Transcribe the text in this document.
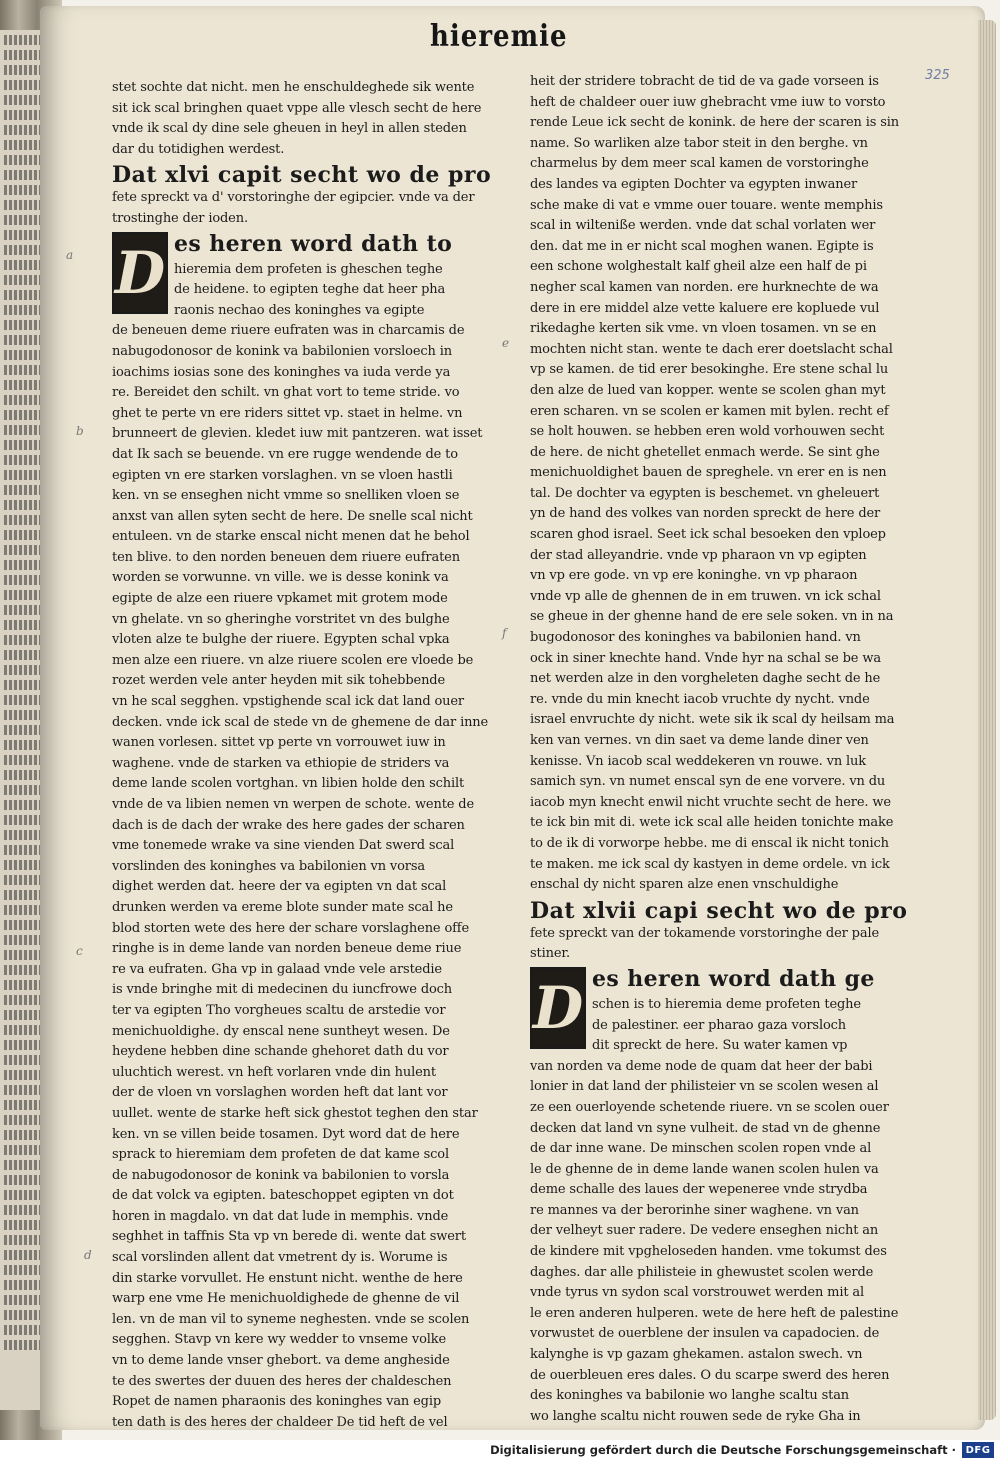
hieremie
325
stet sochte dat nicht. men he enschuldeghede sik wente
sit ick scal bringhen quaet vppe alle vlesch secht de here
vnde ik scal dy dine sele gheuen in heyl in allen steden
dar du totidighen werdest.
Dat xlvi capit secht wo de pro
fete spreckt va d' vorstoringhe der egipcier. vnde va der
trostinghe der ioden.
D es heren word dath to
hieremia dem profeten is gheschen teghe
de heidene. to egipten teghe dat heer pha
raonis nechao des koninghes va egipte
de beneuen deme riuere eufraten was in charcamis de
nabugodonosor de konink va babilonien vorsloech in
ioachims iosias sone des koninghes va iuda verde ya
re. Bereidet den schilt. vn ghat vort to teme stride. vo
ghet te perte vn ere riders sittet vp. staet in helme. vn
brunneert de glevien. kledet iuw mit pantzeren. wat isset
dat Ik sach se beuende. vn ere rugge wendende de to
egipten vn ere starken vorslaghen. vn se vloen hastli
ken. vn se enseghen nicht vmme so snelliken vloen se
anxst van allen syten secht de here. De snelle scal nicht
entuleen. vn de starke enscal nicht menen dat he behol
ten blive. to den norden beneuen dem riuere eufraten
worden se vorwunne. vn ville. we is desse konink va
egipte de alze een riuere vpkamet mit grotem mode
vn ghelate. vn so gheringhe vorstritet vn des bulghe
vloten alze te bulghe der riuere. Egypten schal vpka
men alze een riuere. vn alze riuere scolen ere vloede be
rozet werden vele anter heyden mit sik tohebbende
vn he scal segghen. vpstighende scal ick dat land ouer
decken. vnde ick scal de stede vn de ghemene de dar inne
wanen vorlesen. sittet vp perte vn vorrouwet iuw in
waghene. vnde de starken va ethiopie de striders va
deme lande scolen vortghan. vn libien holde den schilt
vnde de va libien nemen vn werpen de schote. wente de
dach is de dach der wrake des here gades der scharen
vme tonemede wrake va sine vienden Dat swerd scal
vorslinden des koninghes va babilonien vn vorsa
dighet werden dat. heere der va egipten vn dat scal
drunken werden va ereme blote sunder mate scal he
blod storten wete des here der schare vorslaghene offe
ringhe is in deme lande van norden beneue deme riue
re va eufraten. Gha vp in galaad vnde vele arstedie
is vnde bringhe mit di medecinen du iuncfrowe doch
ter va egipten Tho vorgheues scaltu de arstedie vor
menichuoldighe. dy enscal nene suntheyt wesen. De
heydene hebben dine schande ghehoret dath du vor
uluchtich werest. vn heft vorlaren vnde din hulent
der de vloen vn vorslaghen worden heft dat lant vor
uullet. wente de starke heft sick ghestot teghen den star
ken. vn se villen beide tosamen. Dyt word dat de here
sprack to hieremiam dem profeten de dat kame scol
de nabugodonosor de konink va babilonien to vorsla
de dat volck va egipten. bateschoppet egipten vn dot
horen in magdalo. vn dat dat lude in memphis. vnde
seghhet in taffnis Sta vp vn berede di. wente dat swert
scal vorslinden allent dat vmetrent dy is. Worume is
din starke vorvullet. He enstunt nicht. wenthe de here
warp ene vme He menichuoldighede de ghenne de vil
len. vn de man vil to syneme neghesten. vnde se scolen
segghen. Stavp vn kere wy wedder to vnseme volke
vn to deme lande vnser ghebort. va deme angheside
te des swertes der duuen des heres der chaldeschen
Ropet de namen pharaonis des koninghes van egip
ten dath is des heres der chaldeer De tid heft de vel
heit der stridere tobracht de tid de va gade vorseen is
heft de chaldeer ouer iuw ghebracht vme iuw to vorsto
rende Leue ick secht de konink. de here der scaren is sin
name. So warliken alze tabor steit in den berghe. vn
charmelus by dem meer scal kamen de vorstoringhe
des landes va egipten Dochter va egypten inwaner
sche make di vat e vmme ouer touare. wente memphis
scal in wilteniße werden. vnde dat schal vorlaten wer
den. dat me in er nicht scal moghen wanen. Egipte is
een schone wolghestalt kalf gheil alze een half de pi
negher scal kamen van norden. ere hurknechte de wa
dere in ere middel alze vette kaluere ere kopluede vul
rikedaghe kerten sik vme. vn vloen tosamen. vn se en
mochten nicht stan. wente te dach erer doetslacht schal
vp se kamen. de tid erer besokinghe. Ere stene schal lu
den alze de lued van kopper. wente se scolen ghan myt
eren scharen. vn se scolen er kamen mit bylen. recht ef
se holt houwen. se hebben eren wold vorhouwen secht
de here. de nicht ghetellet enmach werde. Se sint ghe
menichuoldighet bauen de spreghele. vn erer en is nen
tal. De dochter va egypten is beschemet. vn gheleuert
yn de hand des volkes van norden spreckt de here der
scaren ghod israel. Seet ick schal besoeken den vploep
der stad alleyandrie. vnde vp pharaon vn vp egipten
vn vp ere gode. vn vp ere koninghe. vn vp pharaon
vnde vp alle de ghennen de in em truwen. vn ick schal
se gheue in der ghenne hand de ere sele soken. vn in na
bugodonosor des koninghes va babilonien hand. vn
ock in siner knechte hand. Vnde hyr na schal se be wa
net werden alze in den vorgheleten daghe secht de he
re. vnde du min knecht iacob vruchte dy nycht. vnde
israel envruchte dy nicht. wete sik ik scal dy heilsam ma
ken van vernes. vn din saet va deme lande diner ven
kenisse. Vn iacob scal weddekeren vn rouwe. vn luk
samich syn. vn numet enscal syn de ene vorvere. vn du
iacob myn knecht enwil nicht vruchte secht de here. we
te ick bin mit di. wete ick scal alle heiden tonichte make
to de ik di vorworpe hebbe. me di enscal ik nicht tonich
te maken. me ick scal dy kastyen in deme ordele. vn ick
enschal dy nicht sparen alze enen vnschuldighe
Dat xlvii capi secht wo de pro
fete spreckt van der tokamende vorstoringhe der pale
stiner.
D es heren word dath ge
schen is to hieremia deme profeten teghe
de palestiner. eer pharao gaza vorsloch
dit spreckt de here. Su water kamen vp
van norden va deme node de quam dat heer der babi
lonier in dat land der philisteier vn se scolen wesen al
ze een ouerloyende schetende riuere. vn se scolen ouer
decken dat land vn syne vulheit. de stad vn de ghenne
de dar inne wane. De minschen scolen ropen vnde al
le de ghenne de in deme lande wanen scolen hulen va
deme schalle des laues der wepeneree vnde strydba
re mannes va der berorinhe siner waghene. vn van
der velheyt suer radere. De vedere enseghen nicht an
de kindere mit vpgheloseden handen. vme tokumst des
daghes. dar alle philisteie in ghewustet scolen werde
vnde tyrus vn sydon scal vorstrouwet werden mit al
le eren anderen hulperen. wete de here heft de palestine
vorwustet de ouerblene der insulen va capadocien. de
kalynghe is vp gazam ghekamen. astalon swech. vn
de ouerbleuen eres dales. O du scarpe swerd des heren
des koninghes va babilonie wo langhe scaltu stan
wo langhe scaltu nicht rouwen sede de ryke Gha in
a
b
c
d
e
f
Digitalisierung gefördert durch die Deutsche Forschungsgemeinschaft · DFG
